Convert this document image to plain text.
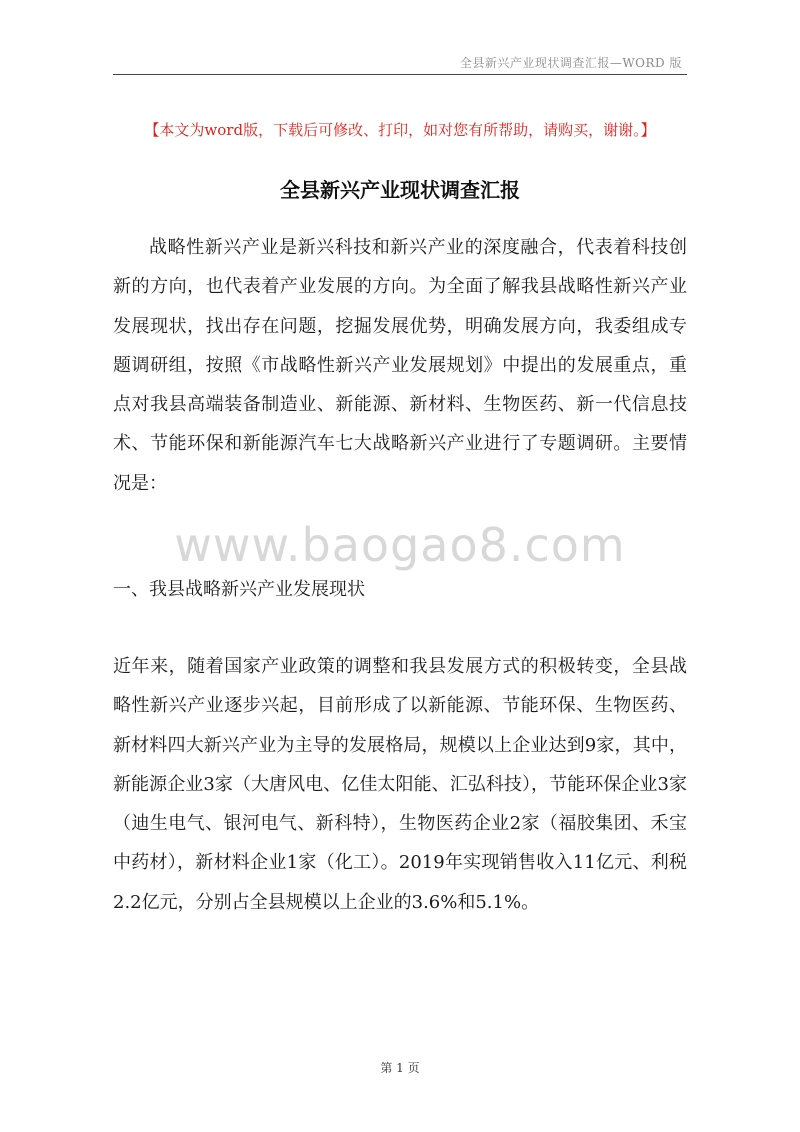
全县新兴产业现状调查汇报—WORD 版
【本文为word版，下载后可修改、打印，如对您有所帮助，请购买，谢谢。】
全县新兴产业现状调查汇报

战略性新兴产业是新兴科技和新兴产业的深度融合，代表着科技创新的方向，也代表着产业发展的方向。为全面了解我县战略性新兴产业发展现状，找出存在问题，挖掘发展优势，明确发展方向，我委组成专题调研组，按照《市战略性新兴产业发展规划》中提出的发展重点，重点对我县高端装备制造业、新能源、新材料、生物医药、新一代信息技术、节能环保和新能源汽车七大战略新兴产业进行了专题调研。主要情况是：

www.baogao8.com
一、我县战略新兴产业发展现状

近年来，随着国家产业政策的调整和我县发展方式的积极转变，全县战略性新兴产业逐步兴起，目前形成了以新能源、节能环保、生物医药、新材料四大新兴产业为主导的发展格局，规模以上企业达到9家，其中，新能源企业3家（大唐风电、亿佳太阳能、汇弘科技），节能环保企业3家（迪生电气、银河电气、新科特），生物医药企业2家（福胶集团、禾宝中药材），新材料企业1家（化工）。2019年实现销售收入11亿元、利税2.2亿元，分别占全县规模以上企业的3.6%和5.1%。

第 1 页
